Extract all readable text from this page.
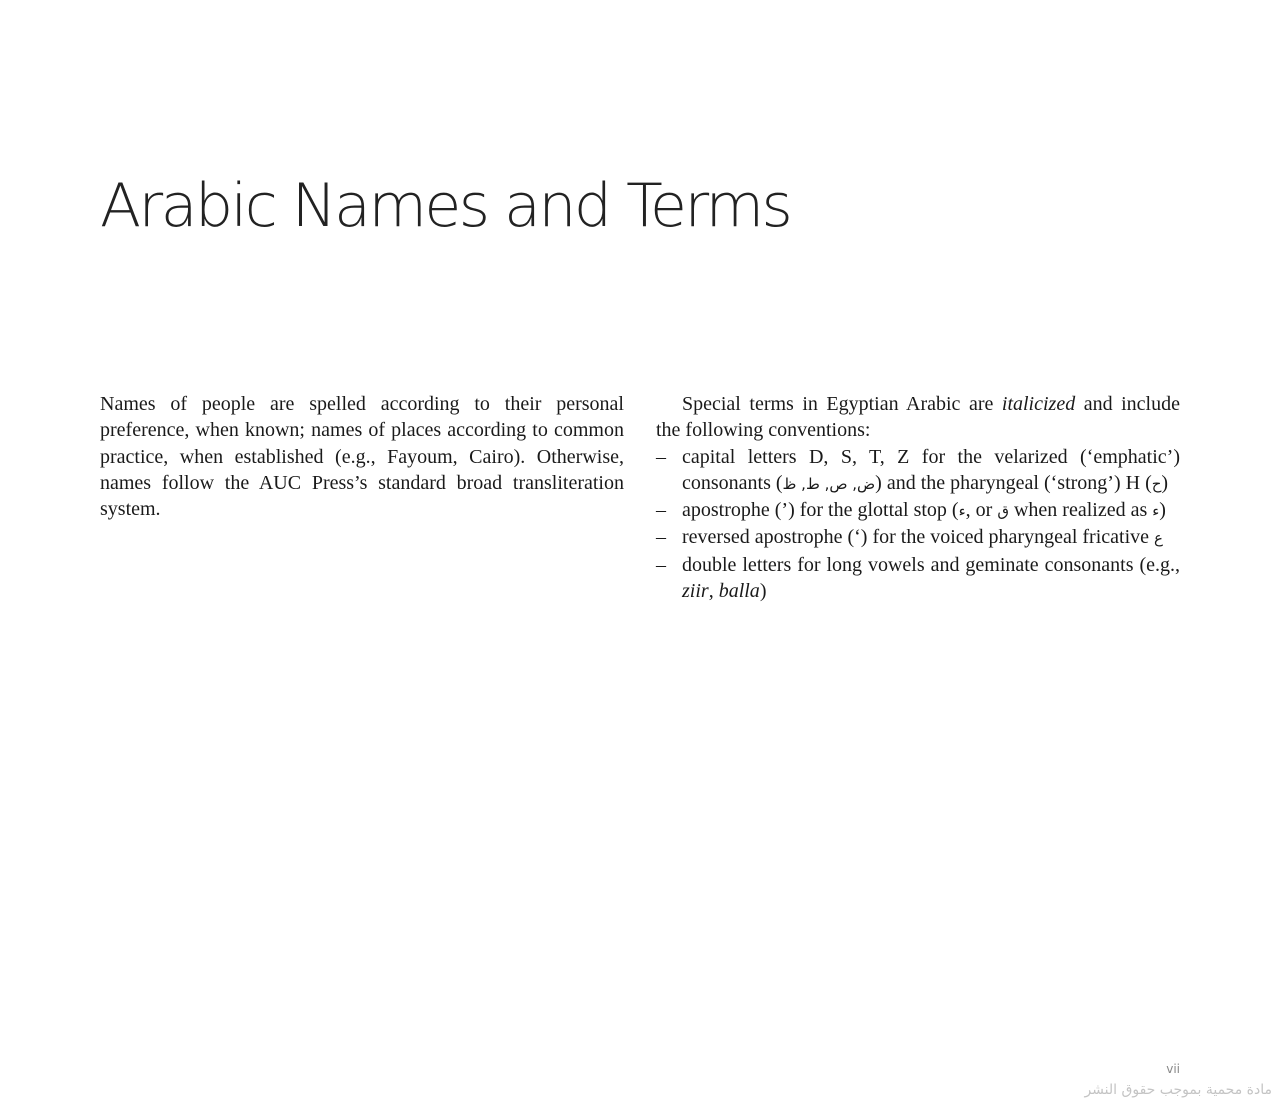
Arabic Names and Terms

Names of people are spelled according to their personal preference, when known; names of places according to common practice, when established (e.g., Fayoum, Cairo). Otherwise, names follow the AUC Press’s standard broad transliteration system.

Special terms in Egyptian Arabic are italicized and include the following conventions:

– capital letters D, S, T, Z for the velarized (‘emphatic’) consonants (ض, ص, ط, ظ) and the pharyngeal (‘strong’) H (ح)
– apostrophe (’) for the glottal stop (ء, or ق when realized as ء)
– reversed apostrophe (‘) for the voiced pharyngeal fricative ع
– double letters for long vowels and geminate consonants (e.g., ziir, balla)
vii
مادة محمية بموجب حقوق النشر
